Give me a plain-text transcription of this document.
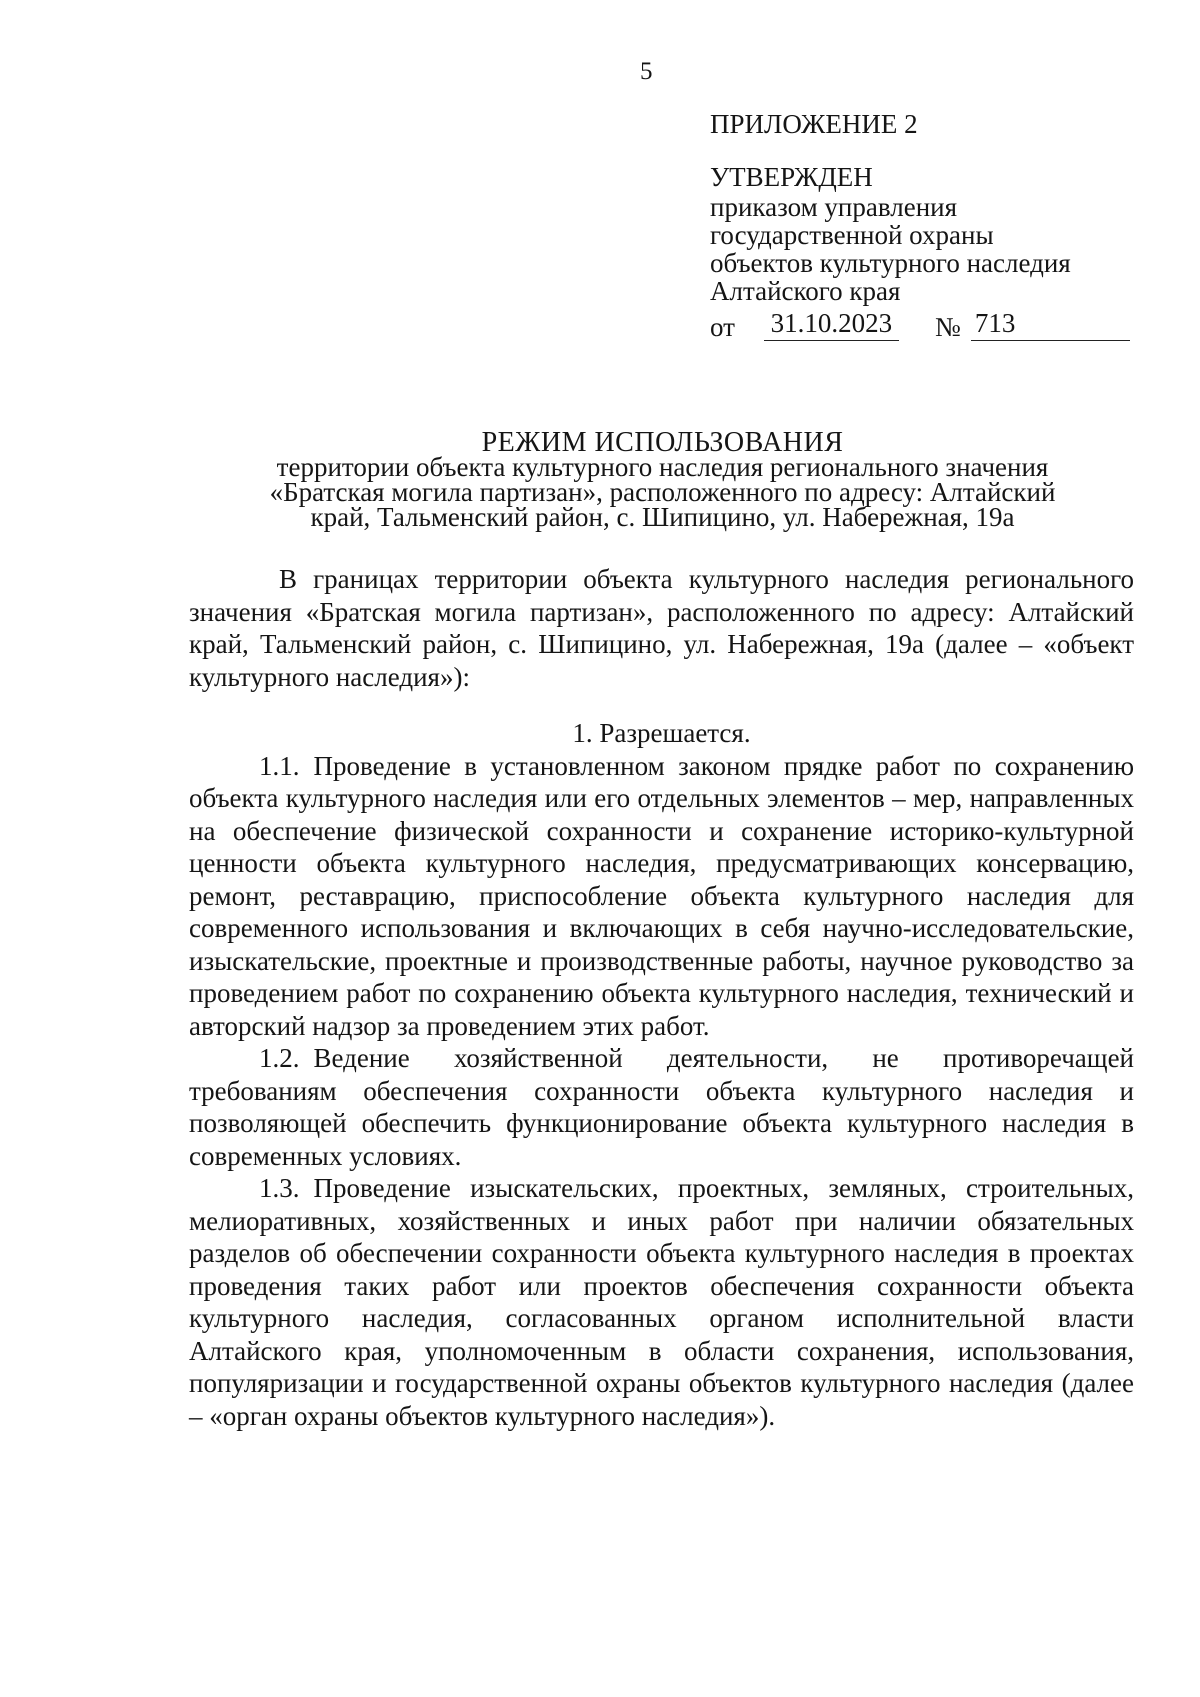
5

ПРИЛОЖЕНИЕ 2

УТВЕРЖДЕН

приказом управления

государственной охраны

объектов культурного наследия

Алтайского края

от	31.10.2023 № 713

РЕЖИМ ИСПОЛЬЗОВАНИЯ

территории объекта культурного наследия регионального значения

«Братская могила партизан», расположенного по адресу: Алтайский

край, Тальменский район, с. Шипицино, ул. Набережная, 19а

В границах территории объекта культурного наследия регионального значения «Братская могила партизан», расположенного по адресу: Алтайский край, Тальменский район, с. Шипицино, ул. Набережная, 19а (далее – «объект культурного наследия»):

1. Разрешается.

1.1. Проведение в установленном законом прядке работ по сохранению объекта культурного наследия или его отдельных элементов – мер, направленных на обеспечение физической сохранности и сохранение историко-культурной ценности объекта культурного наследия, предусматривающих консервацию, ремонт, реставрацию, приспособление объекта культурного наследия для современного использования и включающих в себя научно-исследовательские, изыскательские, проектные и производственные работы, научное руководство за проведением работ по сохранению объекта культурного наследия, технический и авторский надзор за проведением этих работ.

1.2. Ведение хозяйственной деятельности, не противоречащей требованиям обеспечения сохранности объекта культурного наследия и позволяющей обеспечить функционирование объекта культурного наследия в современных условиях.

1.3. Проведение изыскательских, проектных, земляных, строительных, мелиоративных, хозяйственных и иных работ при наличии обязательных разделов об обеспечении сохранности объекта культурного наследия в проектах проведения таких работ или проектов обеспечения сохранности объекта культурного наследия, согласованных органом исполнительной власти Алтайского края, уполномоченным в области сохранения, использования, популяризации и государственной охраны объектов культурного наследия (далее – «орган охраны объектов культурного наследия»).
